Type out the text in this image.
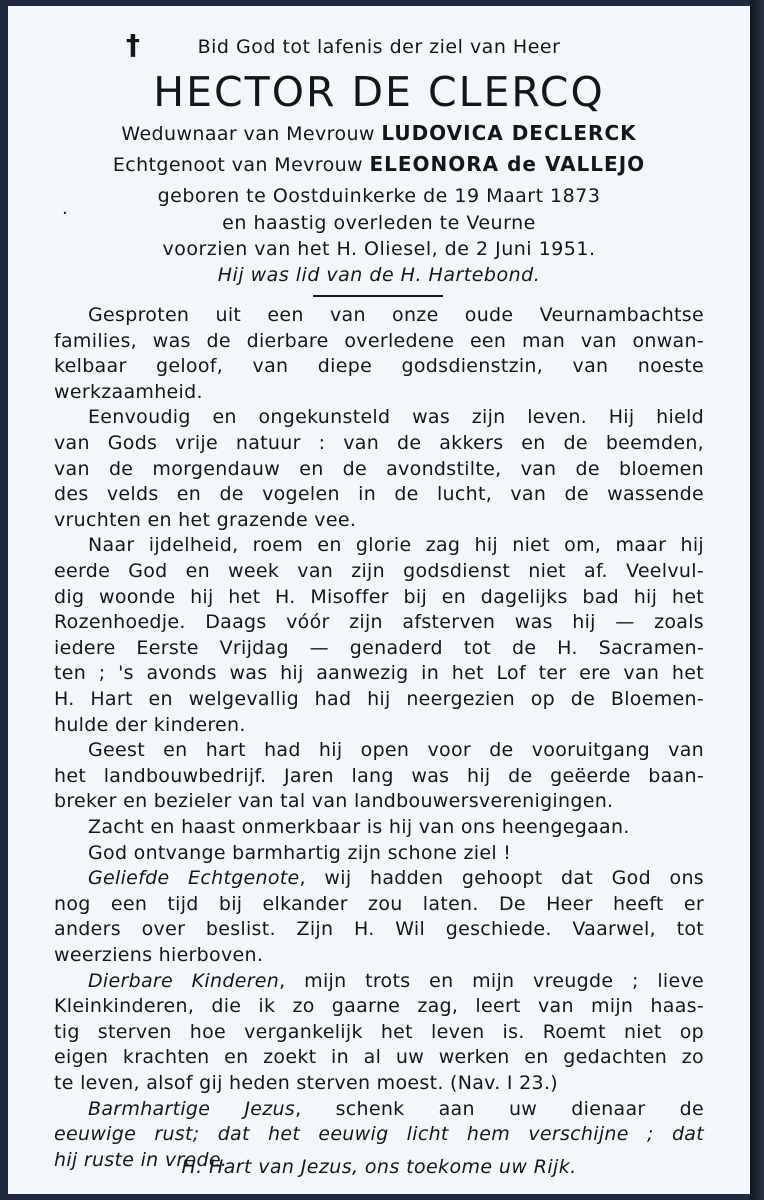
†	Bid God tot lafenis der ziel van Heer
HECTOR DE CLERCQ
Weduwnaar van Mevrouw LUDOVICA DECLERCK
Echtgenoot van Mevrouw ELEONORA de VALLEJO
.
geboren te Oostduinkerke de 19 Maart 1873
en haastig overleden te Veurne
voorzien van het H. Oliesel, de 2 Juni 1951.
Hij was lid van de H. Hartebond.
Gesproten uit een van onze oude Veurnambachtse
families, was de dierbare overledene een man van onwan-
kelbaar geloof, van diepe godsdienstzin, van noeste
werkzaamheid.
Eenvoudig en ongekunsteld was zijn leven. Hij hield
van Gods vrije natuur : van de akkers en de beemden,
van de morgendauw en de avondstilte, van de bloemen
des velds en de vogelen in de lucht, van de wassende
vruchten en het grazende vee.
Naar ijdelheid, roem en glorie zag hij niet om, maar hij
eerde God en week van zijn godsdienst niet af. Veelvul-
dig woonde hij het H. Misoffer bij en dagelijks bad hij het
Rozenhoedje. Daags vóór zijn afsterven was hij — zoals
iedere Eerste Vrijdag — genaderd tot de H. Sacramen-
ten ; 's avonds was hij aanwezig in het Lof ter ere van het
H. Hart en welgevallig had hij neergezien op de Bloemen-
hulde der kinderen.
Geest en hart had hij open voor de vooruitgang van
het landbouwbedrijf. Jaren lang was hij de geëerde baan-
breker en bezieler van tal van landbouwersverenigingen.
Zacht en haast onmerkbaar is hij van ons heengegaan.
God ontvange barmhartig zijn schone ziel !
Geliefde Echtgenote, wij hadden gehoopt dat God ons
nog een tijd bij elkander zou laten. De Heer heeft er
anders over beslist. Zijn H. Wil geschiede. Vaarwel, tot
weerziens hierboven.
Dierbare Kinderen, mijn trots en mijn vreugde ; lieve
Kleinkinderen, die ik zo gaarne zag, leert van mijn haas-
tig sterven hoe vergankelijk het leven is. Roemt niet op
eigen krachten en zoekt in al uw werken en gedachten zo
te leven, alsof gij heden sterven moest. (Nav. I 23.)
Barmhartige Jezus, schenk aan uw dienaar de
eeuwige rust; dat het eeuwig licht hem verschijne ; dat
hij ruste in vrede.
H. Hart van Jezus, ons toekome uw Rijk.
